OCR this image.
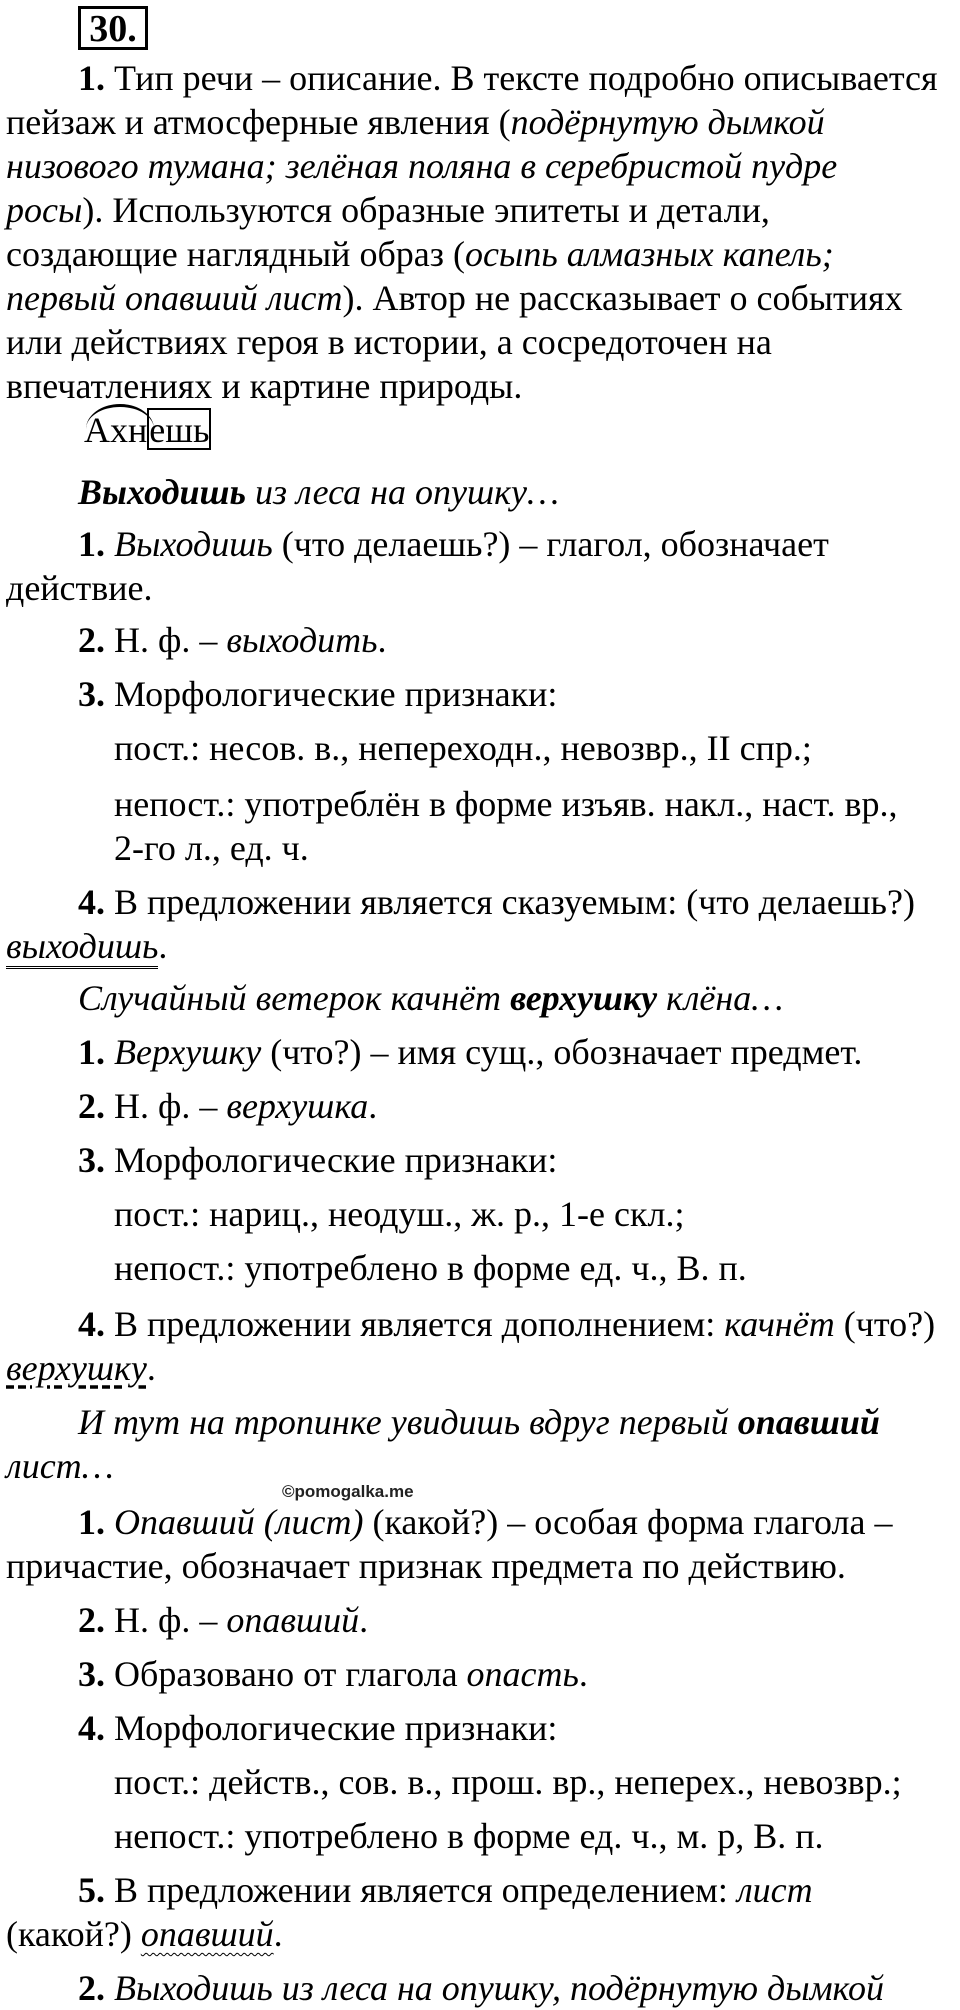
30.
1. Тип речи – описание. В тексте подробно описывается
пейзаж и атмосферные явления (подёрнутую дымкой
низового тумана; зелёная поляна в серебристой пудре
росы). Используются образные эпитеты и детали,
создающие наглядный образ (осыпь алмазных капель;
первый опавший лист). Автор не рассказывает о событиях
или действиях героя в истории, а сосредоточен на
впечатлениях и картине природы.
Ахнешь
Выходишь из леса на опушку…
1. Выходишь (что делаешь?) – глагол, обозначает
действие.
2. Н. ф. – выходить.
3. Морфологические признаки:
пост.: несов. в., непереходн., невозвр., II спр.;
непост.: употреблён в форме изъяв. накл., наст. вр.,
2-го л., ед. ч.
4. В предложении является сказуемым: (что делаешь?)
выходишь.
Случайный ветерок качнёт верхушку клёна…
1. Верхушку (что?) – имя сущ., обозначает предмет.
2. Н. ф. – верхушка.
3. Морфологические признаки:
пост.: нариц., неодуш., ж. р., 1-е скл.;
непост.: употреблено в форме ед. ч., В. п.
4. В предложении является дополнением: качнёт (что?)
верхушку.
И тут на тропинке увидишь вдруг первый опавший
лист…
©pomogalka.me
1. Опавший (лист) (какой?) – особая форма глагола –
причастие, обозначает признак предмета по действию.
2. Н. ф. – опавший.
3. Образовано от глагола опасть.
4. Морфологические признаки:
пост.: действ., сов. в., прош. вр., неперех., невозвр.;
непост.: употреблено в форме ед. ч., м. р, В. п.
5. В предложении является определением: лист
(какой?) опавший.
2. Выходишь из леса на опушку, подёрнутую дымкой
